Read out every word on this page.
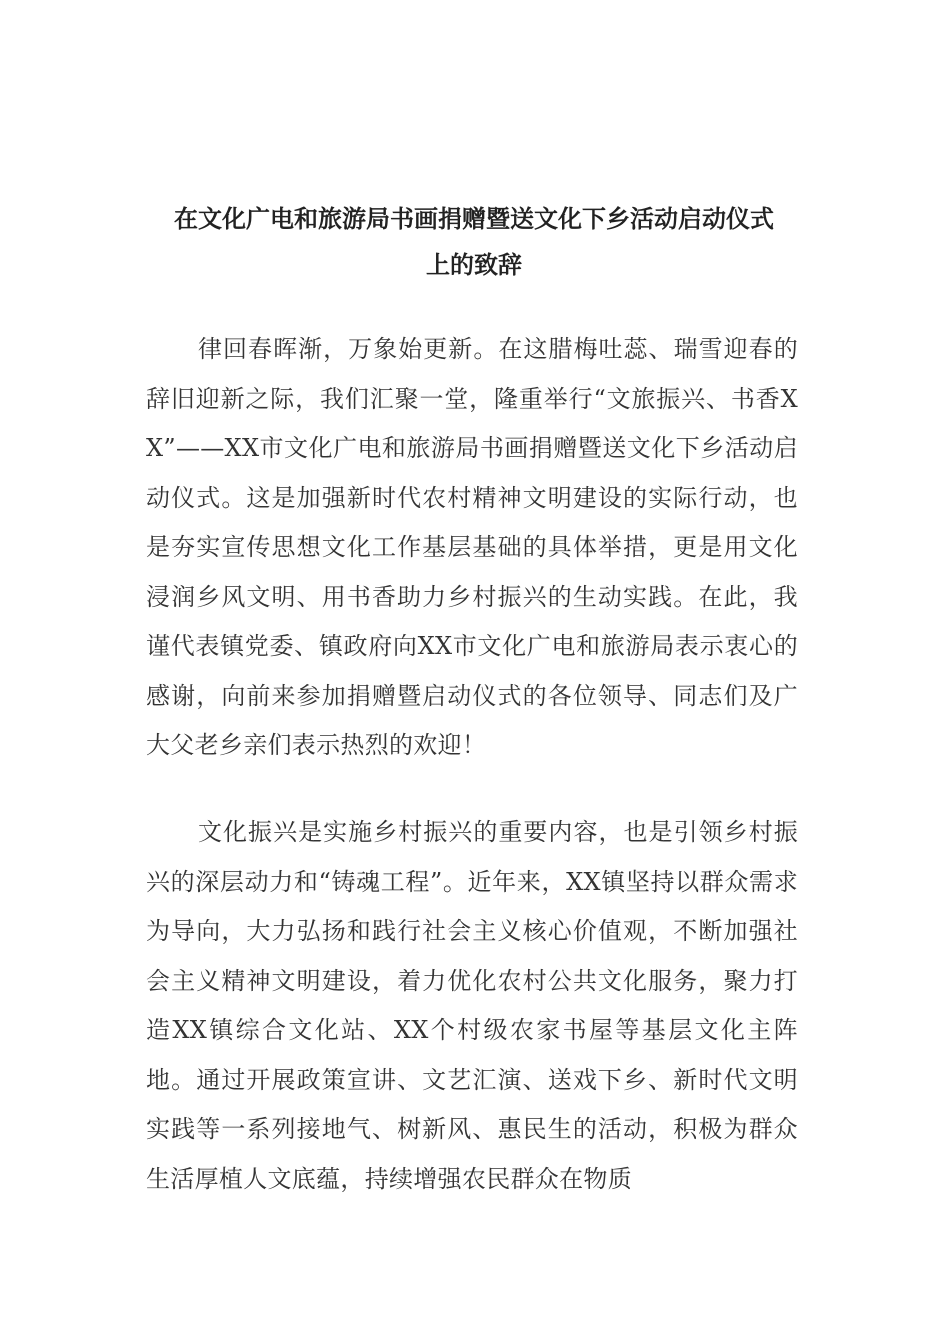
在文化广电和旅游局书画捐赠暨送文化下乡活动启动仪式
上的致辞

律回春晖渐，万象始更新。在这腊梅吐蕊、瑞雪迎春的辞旧迎新之际，我们汇聚一堂，隆重举行“文旅振兴、书香XX”——XX市文化广电和旅游局书画捐赠暨送文化下乡活动启动仪式。这是加强新时代农村精神文明建设的实际行动，也是夯实宣传思想文化工作基层基础的具体举措，更是用文化浸润乡风文明、用书香助力乡村振兴的生动实践。在此，我谨代表镇党委、镇政府向XX市文化广电和旅游局表示衷心的感谢，向前来参加捐赠暨启动仪式的各位领导、同志们及广大父老乡亲们表示热烈的欢迎！

文化振兴是实施乡村振兴的重要内容，也是引领乡村振兴的深层动力和“铸魂工程”。近年来，XX镇坚持以群众需求为导向，大力弘扬和践行社会主义核心价值观，不断加强社会主义精神文明建设，着力优化农村公共文化服务，聚力打造XX镇综合文化站、XX个村级农家书屋等基层文化主阵地。通过开展政策宣讲、文艺汇演、送戏下乡、新时代文明实践等一系列接地气、树新风、惠民生的活动，积极为群众生活厚植人文底蕴，持续增强农民群众在物质
